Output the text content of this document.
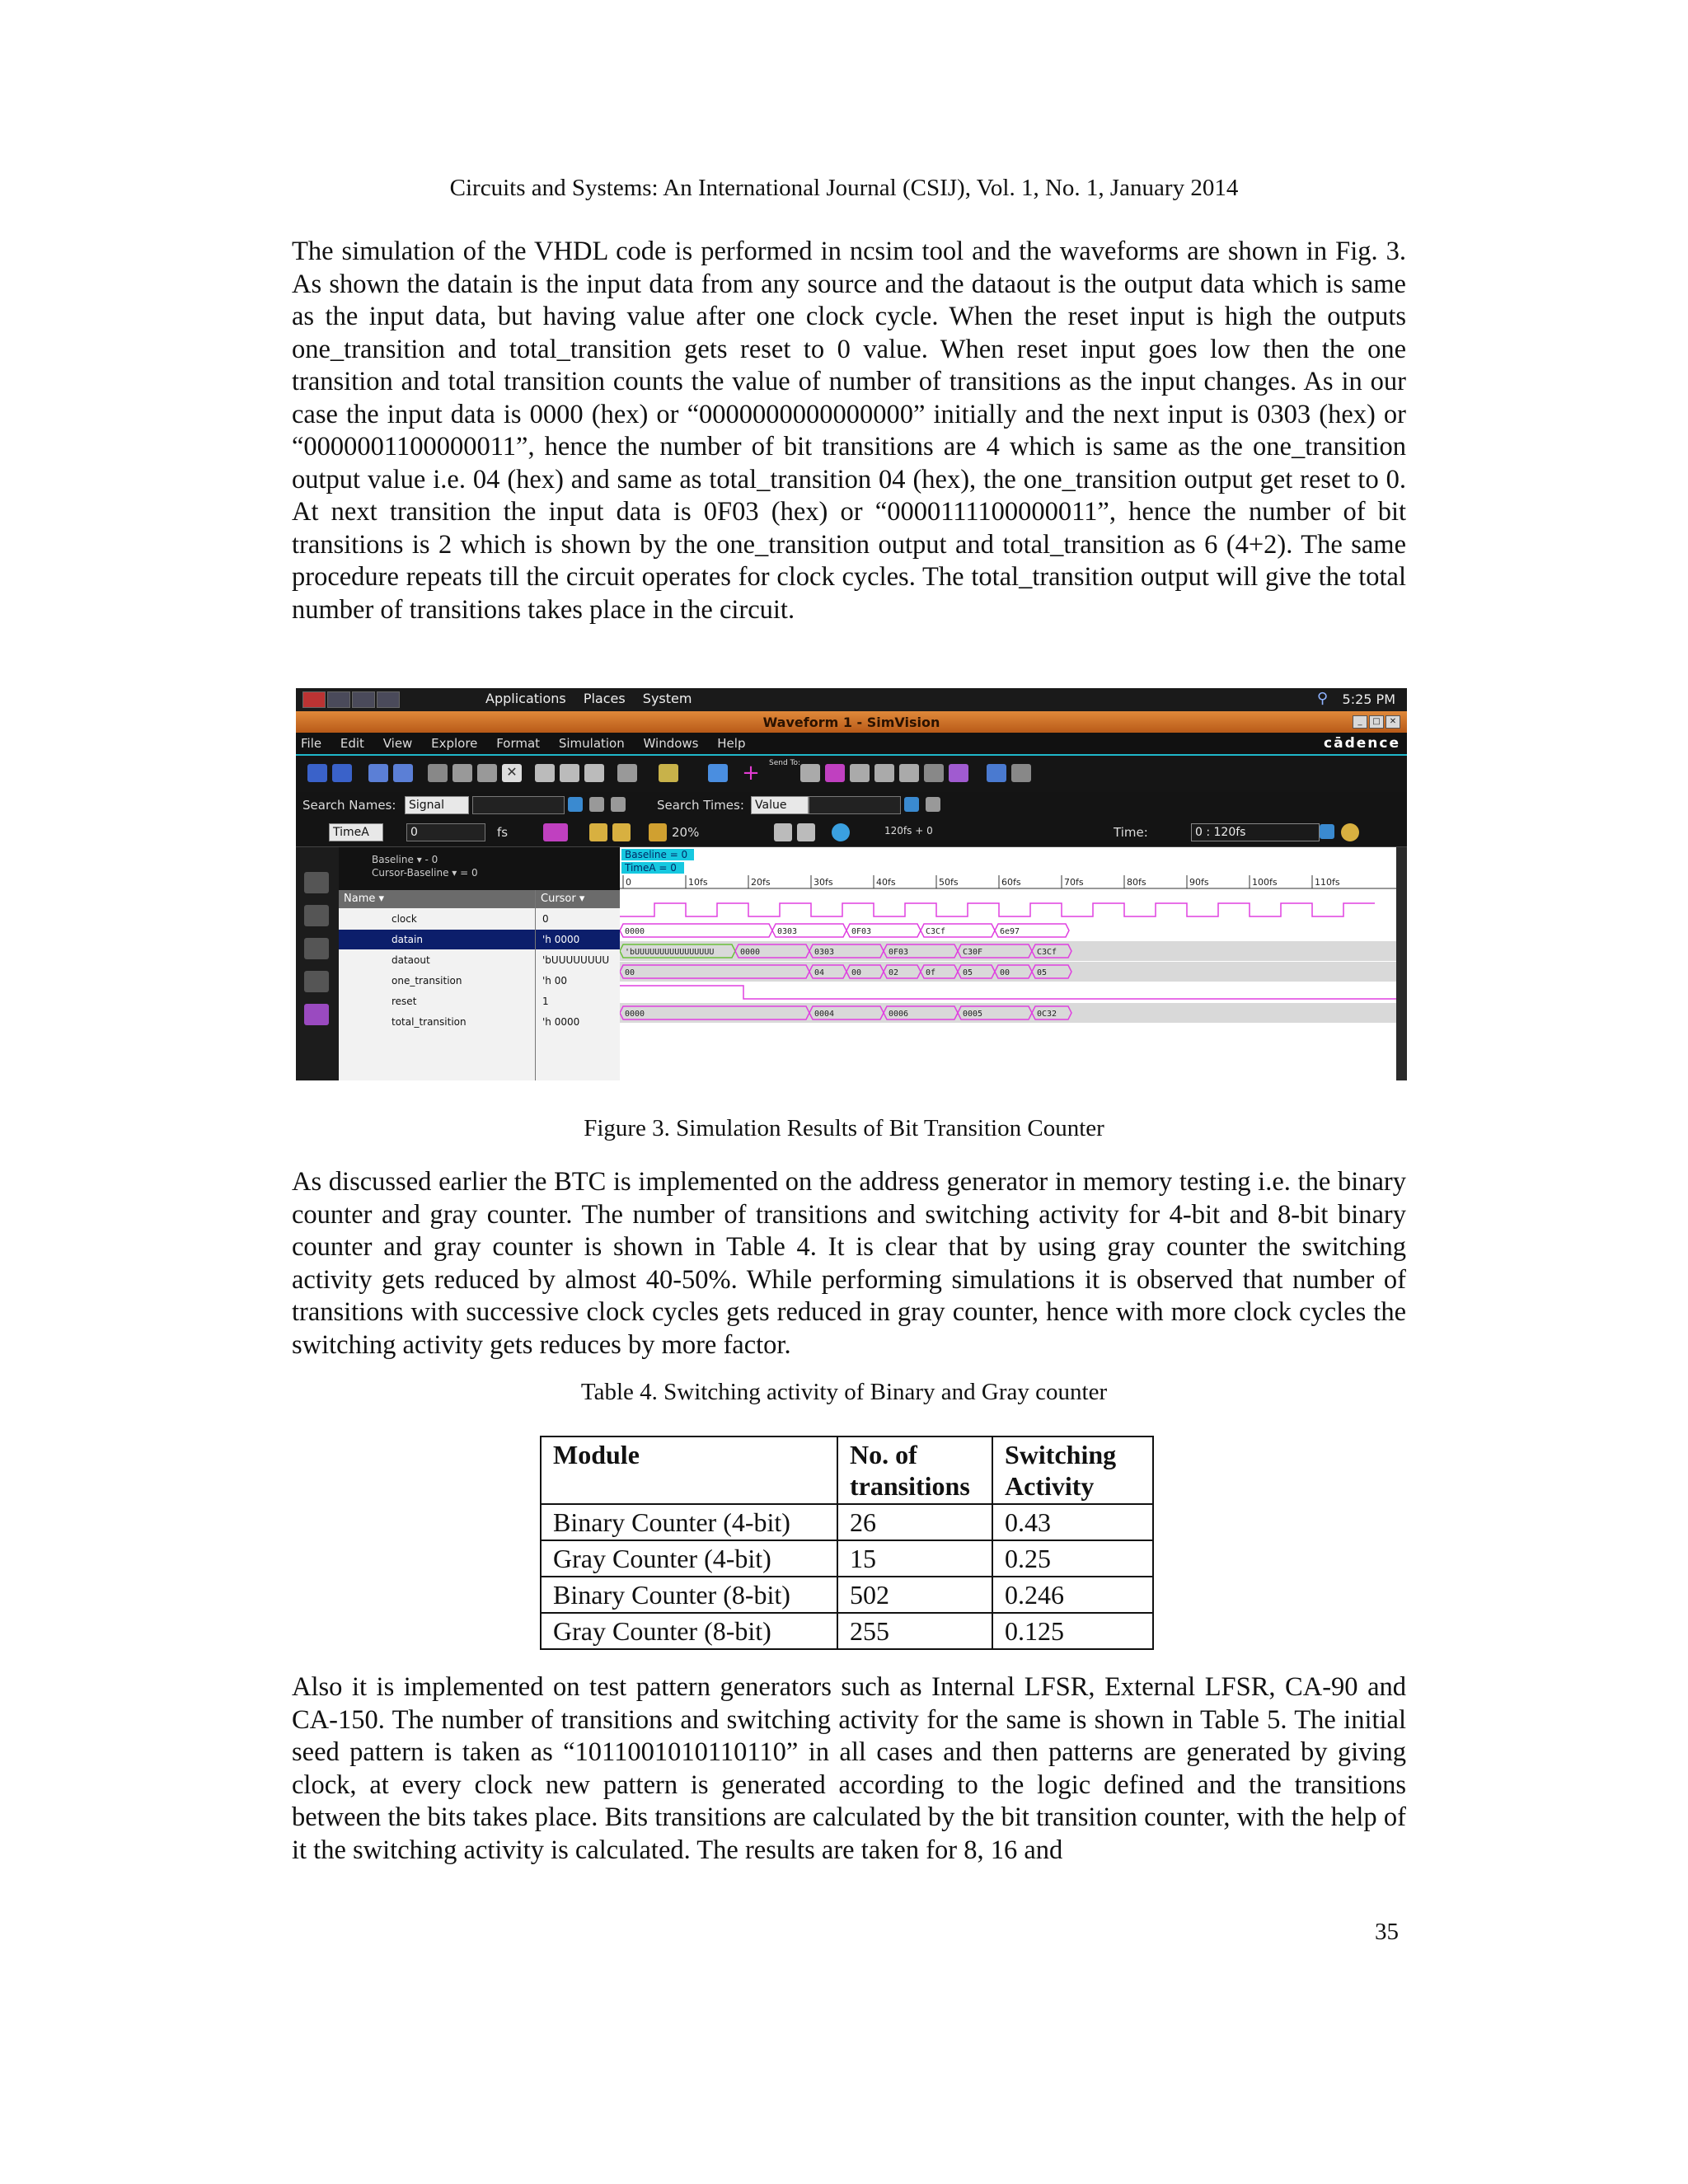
Circuits and Systems: An International Journal (CSIJ), Vol. 1, No. 1, January 2014
The simulation of the VHDL code is performed in ncsim tool and the waveforms are shown in Fig. 3. As shown the datain is the input data from any source and the dataout is the output data which is same as the input data, but having value after one clock cycle. When the reset input is high the outputs one_transition and total_transition gets reset to 0 value. When reset input goes low then the one transition and total transition counts the value of number of transitions as the input changes. As in our case the input data is 0000 (hex) or “0000000000000000” initially and the next input is 0303 (hex) or “0000001100000011”, hence the number of bit transitions are 4 which is same as the one_transition output value i.e. 04 (hex) and same as total_transition 04 (hex), the one_transition output get reset to 0. At next transition the input data is 0F03 (hex) or “0000111100000011”, hence the number of bit transitions is 2 which is shown by the one_transition output and total_transition as 6 (4+2). The same procedure repeats till the circuit operates for clock cycles. The total_transition output will give the total number of transitions takes place in the circuit.
Applications Places System	⚲ 5:25 PM
Waveform 1 - SimVision	_	□	✕
File Edit View Explore Format Simulation Windows Help	cādence
✕	+ Send To:
Search Names:	Signal	Search Times: Value
TimeA	0	fs	20%	120fs + 0	Time:	0 : 120fs
Baseline ▾ - 0
Cursor-Baseline ▾ = 0
Name ▾
clock
datain
dataout
one_transition
reset
total_transition
Cursor ▾
0
'h 0000
'bUUUUUUUU
'h 00
1
'h 0000
Baseline = 0
TimeA = 0
0	10fs	20fs	30fs	40fs	50fs	60fs	70fs	80fs	90fs	100fs	110fs
0000	0303	0F03	C3Cf	6e97
'bUUUUUUUUUUUUUUUU	0000	0303	0F03	C30F	C3Cf
00	04	00	02	0f	05	00	05
0000	0004	0006	0005	0C32
Figure 3. Simulation Results of Bit Transition Counter
As discussed earlier the BTC is implemented on the address generator in memory testing i.e. the binary counter and gray counter. The number of transitions and switching activity for 4-bit and 8-bit binary counter and gray counter is shown in Table 4. It is clear that by using gray counter the switching activity gets reduced by almost 40-50%. While performing simulations it is observed that number of transitions with successive clock cycles gets reduced in gray counter, hence with more clock cycles the switching activity gets reduces by more factor.
Table 4. Switching activity of Binary and Gray counter
Module	No. of transitions	Switching Activity
Binary Counter (4-bit)	26	0.43
Gray Counter (4-bit)	15	0.25
Binary Counter (8-bit)	502	0.246
Gray Counter (8-bit)	255	0.125
Also it is implemented on test pattern generators such as Internal LFSR, External LFSR, CA-90 and CA-150. The number of transitions and switching activity for the same is shown in Table 5. The initial seed pattern is taken as “1011001010110110” in all cases and then patterns are generated by giving clock, at every clock new pattern is generated according to the logic defined and the transitions between the bits takes place. Bits transitions are calculated by the bit transition counter, with the help of it the switching activity is calculated. The results are taken for 8, 16 and
35
